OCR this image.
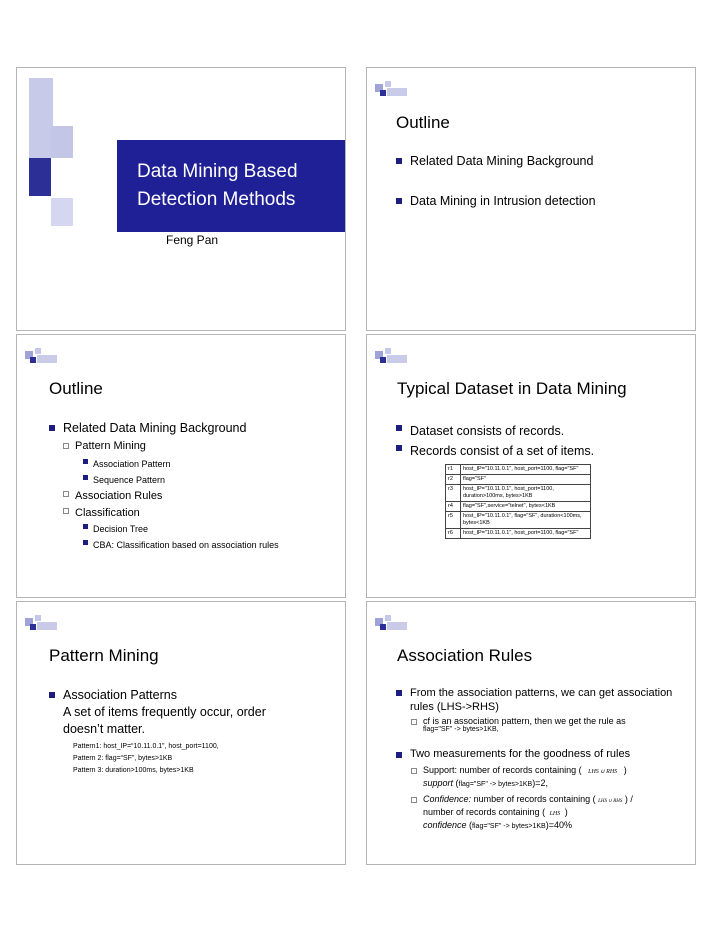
Data Mining Based
Detection Methods
Feng Pan
Outline
Related Data Mining Background
Data Mining in Intrusion detection
Outline
Related Data Mining Background
Pattern Mining
Association Pattern
Sequence Pattern
Association Rules
Classification
Decision Tree
CBA: Classification based on association rules
Typical Dataset in Data Mining
Dataset consists of records.
Records consist of a set of items.
r1	host_IP="10.11.0.1", host_port=1100, flag="SF"
r2	flag="SF"
r3	host_IP="10.11.0.1", host_port=1100, duration>100ms, bytes>1KB
r4	flag="SF",service="telnet", bytes<1KB
r5	host_IP="10.11.0.1", flag="SF", duration<100ms, bytes<1KB
r6	host_IP="10.11.0.1", host_port=1100, flag="SF"
Pattern Mining
Association Patterns
A set of items frequently occur, order
doesn’t matter.
Pattern1: host_IP=“10.11.0.1”, host_port=1100,
Pattern 2: flag=“SF”, bytes>1KB
Pattern 3: duration>100ms, bytes>1KB
Association Rules
From the association patterns, we can get association rules (LHS->RHS)
cf is an association pattern, then we get the rule as
flag="SF" -> bytes>1KB,
Two measurements for the goodness of rules
Support: number of records containing ( LHS ∪ RHS )
support (flag="SF" -> bytes>1KB)=2,
Confidence: number of records containing ( LHS ∪ RHS ) /
number of records containing ( LHS )
confidence (flag="SF" -> bytes>1KB)=40%
